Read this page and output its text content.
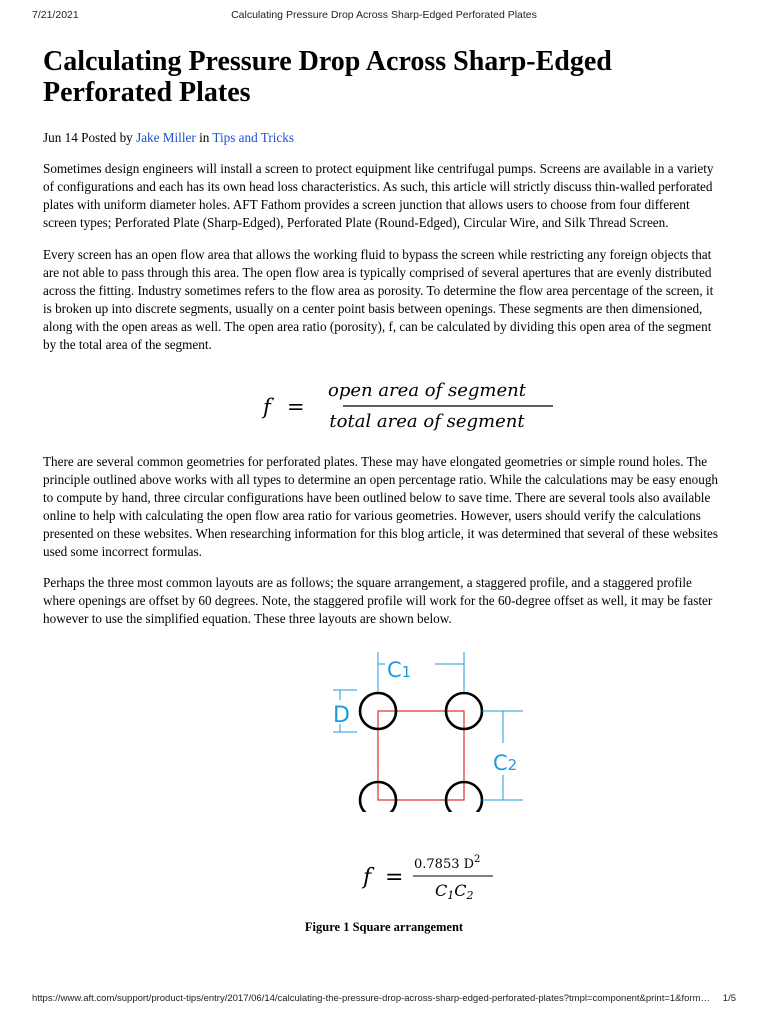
7/21/2021	Calculating Pressure Drop Across Sharp-Edged Perforated Plates
Calculating Pressure Drop Across Sharp-Edged Perforated Plates
Jun 14 Posted by Jake Miller in Tips and Tricks

Sometimes design engineers will install a screen to protect equipment like centrifugal pumps. Screens are available in a variety of configurations and each has its own head loss characteristics. As such, this article will strictly discuss thin-walled perforated plates with uniform diameter holes. AFT Fathom provides a screen junction that allows users to choose from four different screen types; Perforated Plate (Sharp-Edged), Perforated Plate (Round-Edged), Circular Wire, and Silk Thread Screen.

Every screen has an open flow area that allows the working fluid to bypass the screen while restricting any foreign objects that are not able to pass through this area. The open flow area is typically comprised of several apertures that are evenly distributed across the fitting. Industry sometimes refers to the flow area as porosity. To determine the flow area percentage of the screen, it is broken up into discrete segments, usually on a center point basis between openings. These segments are then dimensioned, along with the open areas as well. The open area ratio (porosity), f, can be calculated by dividing this open area of the segment by the total area of the segment.

f =
open area of segment
total area of segment

There are several common geometries for perforated plates. These may have elongated geometries or simple round holes. The principle outlined above works with all types to determine an open percentage ratio. While the calculations may be easy enough to compute by hand, three circular configurations have been outlined below to save time. There are several tools also available online to help with calculating the open flow area ratio for various geometries. However, users should verify the calculations presented on these websites. When researching information for this blog article, it was determined that several of these websites used some incorrect formulas.

Perhaps the three most common layouts are as follows; the square arrangement, a staggered profile, and a staggered profile where openings are offset by 60 degrees. Note, the staggered profile will work for the 60-degree offset as well, it may be faster however to use the simplified equation. These three layouts are shown below.

C1
C2
D
f =
0.7853 $D^2$
C1C2
Figure 1 Square arrangement
https://www.aft.com/support/product-tips/entry/2017/06/14/calculating-the-pressure-drop-across-sharp-edged-perforated-plates?tmpl=component&print=1&form… 1/5
